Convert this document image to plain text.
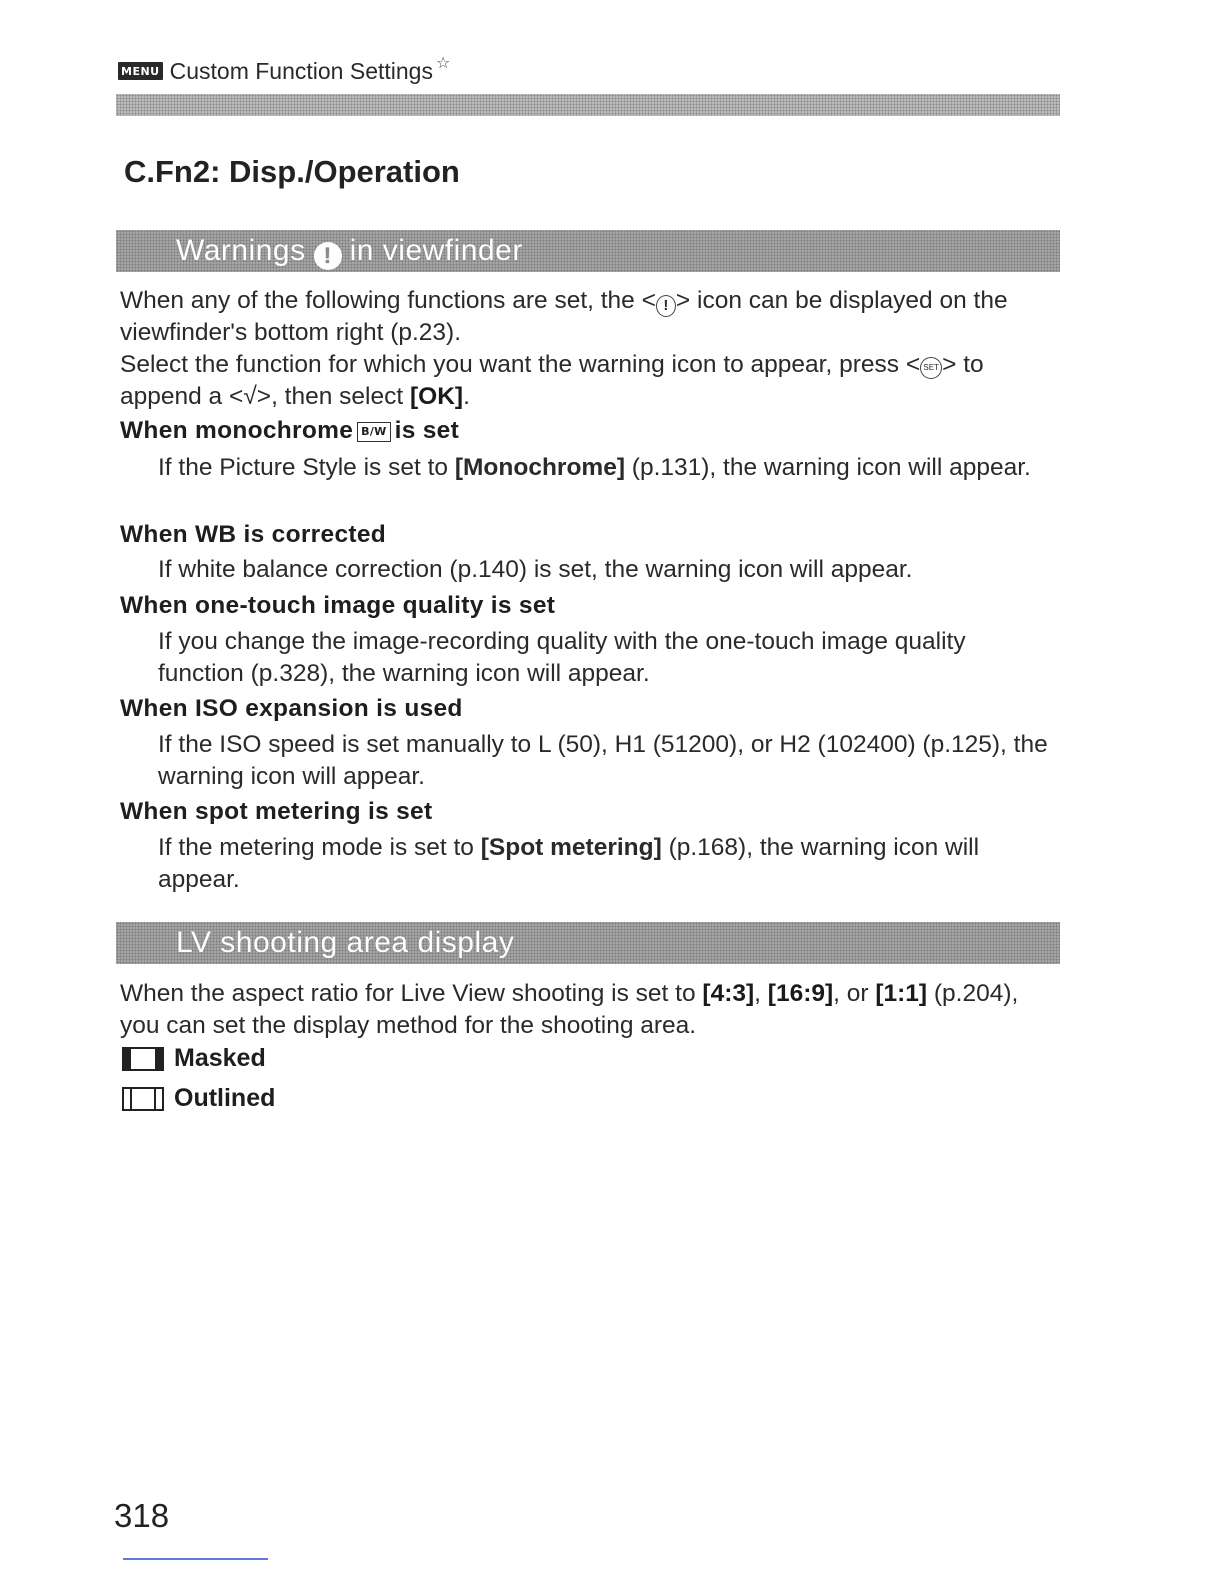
MENU Custom Function Settings ☆
C.Fn2: Disp./Operation
Warnings ! in viewfinder
When any of the following functions are set, the < ! > icon can be displayed on the viewfinder's bottom right (p.23).
Select the function for which you want the warning icon to appear, press < SET > to append a <√>, then select [OK].
When monochrome B/W is set
If the Picture Style is set to [Monochrome] (p.131), the warning icon will appear.
When WB is corrected
If white balance correction (p.140) is set, the warning icon will appear.
When one-touch image quality is set
If you change the image-recording quality with the one-touch image quality function (p.328), the warning icon will appear.
When ISO expansion is used
If the ISO speed is set manually to L (50), H1 (51200), or H2 (102400) (p.125), the warning icon will appear.
When spot metering is set
If the metering mode is set to [Spot metering] (p.168), the warning icon will appear.
LV shooting area display
When the aspect ratio for Live View shooting is set to [4:3], [16:9], or [1:1] (p.204), you can set the display method for the shooting area.
Masked
Outlined
318
